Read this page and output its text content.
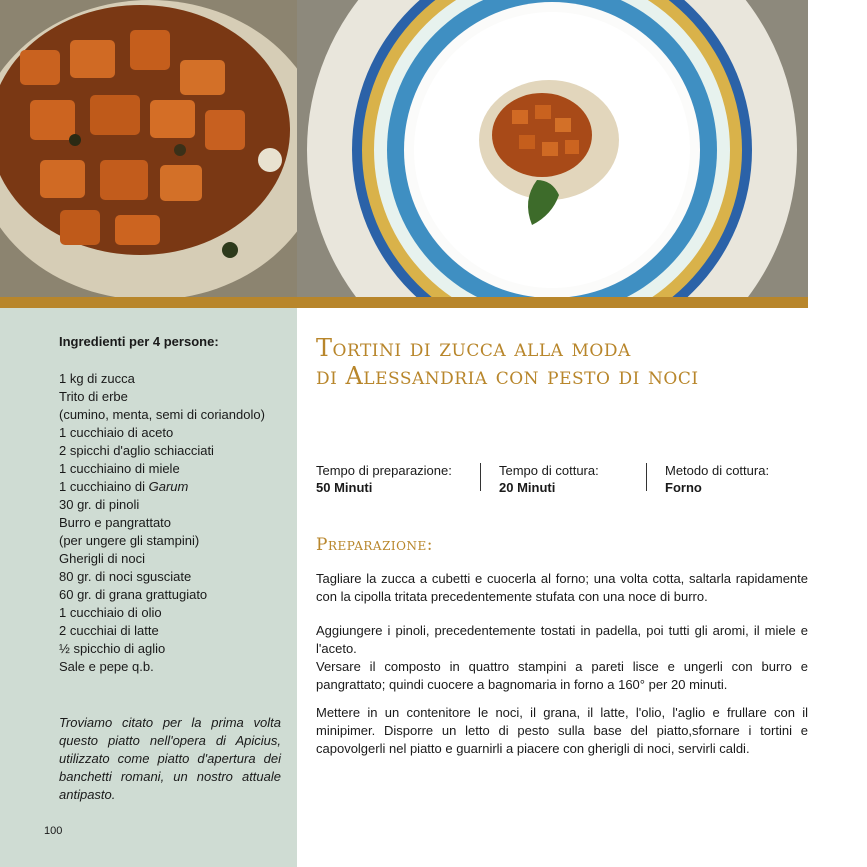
Ingredienti per 4 persone:
1 kg di zucca
Trito di erbe
(cumino, menta, semi di coriandolo)
1 cucchiaio di aceto
2 spicchi d'aglio schiacciati
1 cucchiaino di miele
1 cucchiaino di Garum
30 gr. di pinoli
Burro e pangrattato
(per ungere gli stampini)
Gherigli di noci
80 gr. di noci sgusciate
60 gr. di grana grattugiato
1 cucchiaio di olio
2 cucchiai di latte
½ spicchio di aglio
Sale e pepe q.b.
Troviamo citato per la prima volta questo piatto nell'opera di Apicius, utilizzato come piatto d'apertura dei banchetti romani, un nostro attuale antipasto.
100
Tortini di zucca alla moda
di Alessandria con pesto di noci
Tempo di preparazione:
50 Minuti
Tempo di cottura:
20 Minuti
Metodo di cottura:
Forno
Preparazione:

Tagliare la zucca a cubetti e cuocerla al forno; una volta cotta, saltarla rapidamente con la cipolla tritata precedentemente stufata con una noce di burro.

Aggiungere i pinoli, precedentemente tostati in padella, poi tutti gli aromi, il miele e l'aceto.

Versare il composto in quattro stampini a pareti lisce e ungerli con burro e pangrattato; quindi cuocere a bagnomaria in forno a 160° per 20 minuti.

Mettere in un contenitore le noci, il grana, il latte, l'olio, l'aglio e frullare con il minipimer. Disporre un letto di pesto sulla base del piatto,sfornare i tortini e capovolgerli nel piatto e guarnirli a piacere con gherigli di noci, servirli caldi.
